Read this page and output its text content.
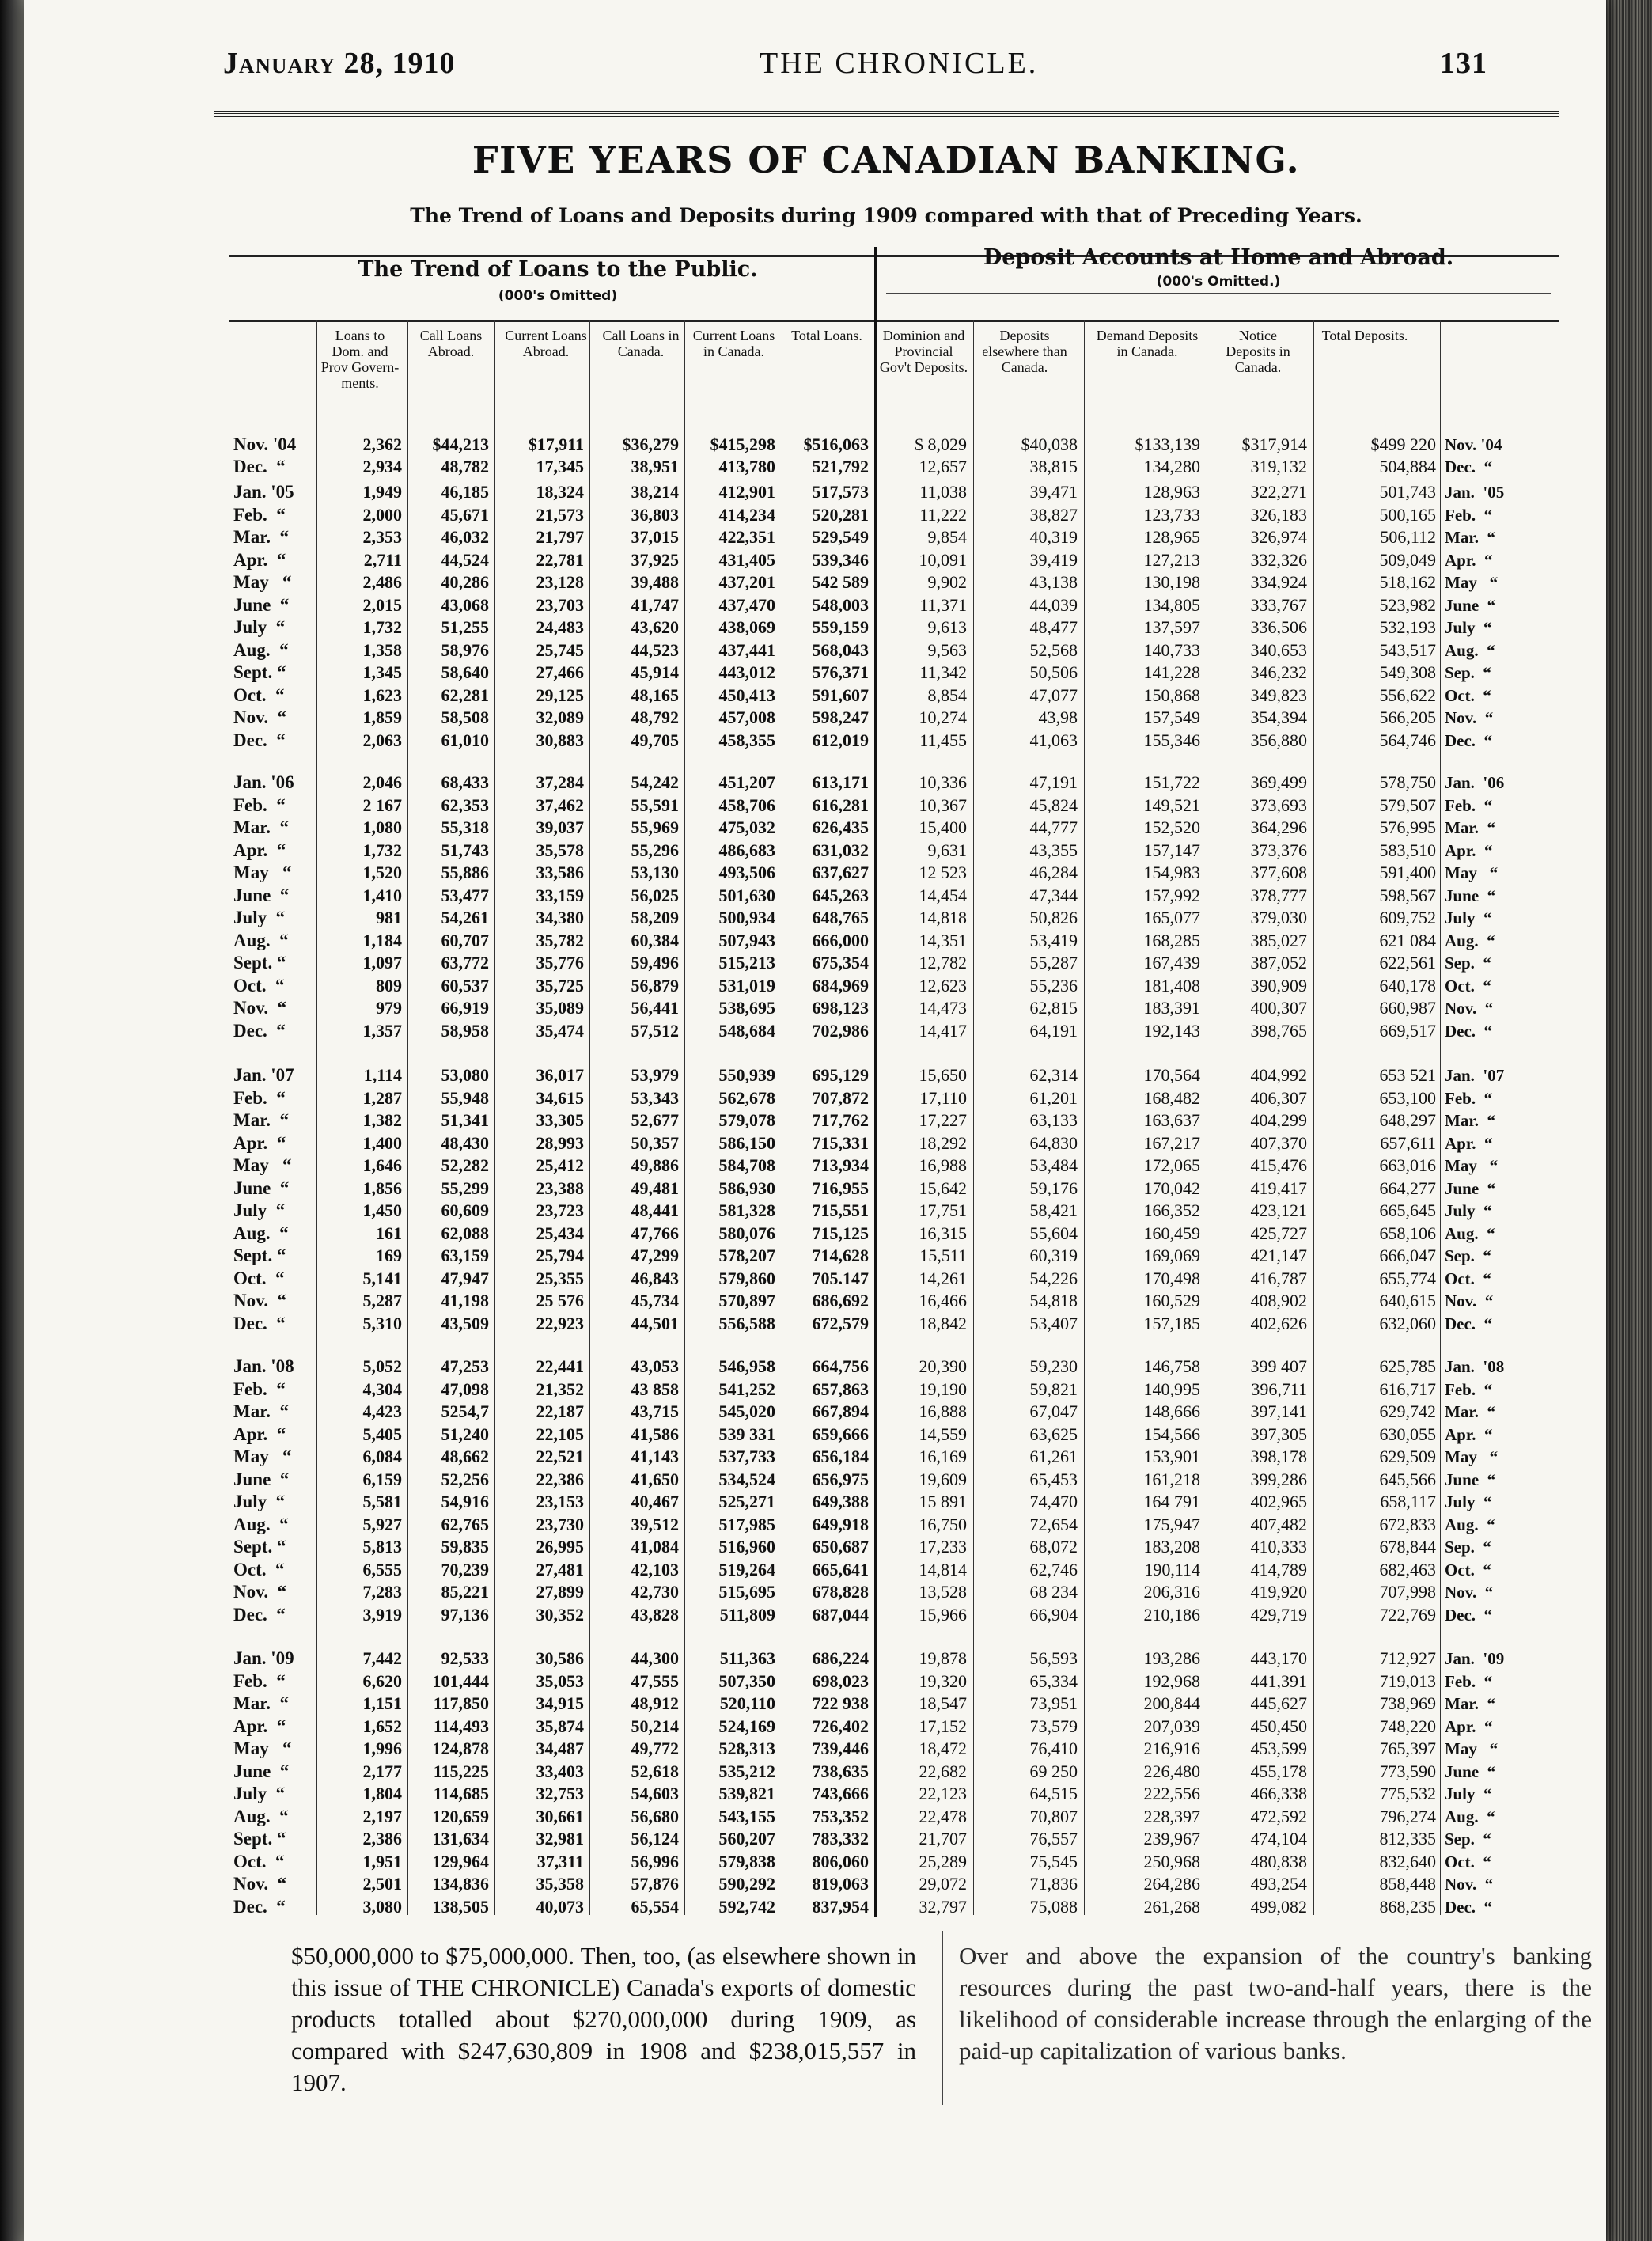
January 28, 1910	THE CHRONICLE.	131
FIVE YEARS OF CANADIAN BANKING.
The Trend of Loans and Deposits during 1909 compared with that of Preceding Years.
The Trend of Loans to the Public.
(000's Omitted)
Deposit Accounts at Home and Abroad.
(000's Omitted.)
Loans to Dom. and Prov Govern-ments.
Call Loans Abroad.
Current Loans Abroad.
Call Loans in Canada.
Current Loans in Canada.
Total Loans.	Dominion and Provincial Gov't Deposits.
Deposits elsewhere than Canada.
Demand Deposits in Canada.
Notice Deposits in Canada.
Total Deposits.
Nov. '04	2,362 $44,213 $17,911 $36,279 $415,298 $516,063	$ 8,029	$40,038	$133,139 $317,914	$499 220 Nov. '04
Dec.  “	2,934 48,782	17,345	38,951 413,780 521,792	12,657	38,815	134,280	319,132	504,884 Dec.  “
Jan. '05	1,949 46,185	18,324	38,214 412,901 517,573	11,038	39,471	128,963	322,271	501,743 Jan.  '05
Feb.  “	2,000 45,671	21,573	36,803 414,234 520,281	11,222	38,827	123,733	326,183	500,165 Feb.  “
Mar.  “	2,353 46,032	21,797	37,015 422,351 529,549	9,854	40,319	128,965	326,974	506,112 Mar.  “
Apr.  “	2,711 44,524	22,781	37,925 431,405 539,346	10,091	39,419	127,213	332,326	509,049 Apr.  “
May   “	2,486 40,286	23,128	39,488 437,201 542 589	9,902	43,138	130,198	334,924	518,162 May   “
June  “	2,015 43,068	23,703	41,747 437,470 548,003	11,371	44,039	134,805	333,767	523,982 June  “
July  “	1,732 51,255	24,483	43,620 438,069 559,159	9,613	48,477	137,597	336,506	532,193 July  “
Aug.  “	1,358 58,976	25,745	44,523 437,441 568,043	9,563	52,568	140,733	340,653	543,517 Aug.  “
Sept. “	1,345 58,640	27,466	45,914 443,012 576,371	11,342	50,506	141,228	346,232	549,308 Sep.  “
Oct.  “	1,623 62,281	29,125	48,165 450,413 591,607	8,854	47,077	150,868	349,823	556,622 Oct.  “
Nov.  “	1,859 58,508	32,089	48,792 457,008 598,247	10,274	43,98	157,549	354,394	566,205 Nov.  “
Dec.  “	2,063 61,010	30,883	49,705 458,355 612,019	11,455	41,063	155,346	356,880	564,746 Dec.  “
Jan. '06	2,046 68,433	37,284	54,242 451,207 613,171	10,336	47,191	151,722	369,499	578,750 Jan.  '06
Feb.  “	2 167 62,353	37,462	55,591 458,706 616,281	10,367	45,824	149,521	373,693	579,507 Feb.  “
Mar.  “	1,080 55,318	39,037	55,969 475,032 626,435	15,400	44,777	152,520	364,296	576,995 Mar.  “
Apr.  “	1,732 51,743	35,578	55,296 486,683 631,032	9,631	43,355	157,147	373,376	583,510 Apr.  “
May   “	1,520 55,886	33,586	53,130 493,506 637,627	12 523	46,284	154,983	377,608	591,400 May   “
June  “	1,410 53,477	33,159	56,025 501,630 645,263	14,454	47,344	157,992	378,777	598,567 June  “
July  “	981 54,261	34,380	58,209 500,934 648,765	14,818	50,826	165,077	379,030	609,752 July  “
Aug.  “	1,184 60,707	35,782	60,384 507,943 666,000	14,351	53,419	168,285	385,027	621 084 Aug.  “
Sept. “	1,097 63,772	35,776	59,496 515,213 675,354	12,782	55,287	167,439	387,052	622,561 Sep.  “
Oct.  “	809 60,537	35,725	56,879 531,019 684,969	12,623	55,236	181,408	390,909	640,178 Oct.  “
Nov.  “	979 66,919	35,089	56,441 538,695 698,123	14,473	62,815	183,391	400,307	660,987 Nov.  “
Dec.  “	1,357 58,958	35,474	57,512 548,684 702,986	14,417	64,191	192,143	398,765	669,517 Dec.  “
Jan. '07	1,114 53,080	36,017	53,979 550,939 695,129	15,650	62,314	170,564	404,992	653 521 Jan.  '07
Feb.  “	1,287 55,948	34,615	53,343 562,678 707,872	17,110	61,201	168,482	406,307	653,100 Feb.  “
Mar.  “	1,382 51,341	33,305	52,677 579,078 717,762	17,227	63,133	163,637	404,299	648,297 Mar.  “
Apr.  “	1,400 48,430	28,993	50,357 586,150 715,331	18,292	64,830	167,217	407,370	657,611 Apr.  “
May   “	1,646 52,282	25,412	49,886 584,708 713,934	16,988	53,484	172,065	415,476	663,016 May   “
June  “	1,856 55,299	23,388	49,481 586,930 716,955	15,642	59,176	170,042	419,417	664,277 June  “
July  “	1,450 60,609	23,723	48,441 581,328 715,551	17,751	58,421	166,352	423,121	665,645 July  “
Aug.  “	161 62,088	25,434	47,766 580,076 715,125	16,315	55,604	160,459	425,727	658,106 Aug.  “
Sept. “	169 63,159	25,794	47,299 578,207 714,628	15,511	60,319	169,069	421,147	666,047 Sep.  “
Oct.  “	5,141 47,947	25,355	46,843 579,860 705.147	14,261	54,226	170,498	416,787	655,774 Oct.  “
Nov.  “	5,287 41,198	25 576	45,734 570,897 686,692	16,466	54,818	160,529	408,902	640,615 Nov.  “
Dec.  “	5,310 43,509	22,923	44,501 556,588 672,579	18,842	53,407	157,185	402,626	632,060 Dec.  “
Jan. '08	5,052 47,253	22,441	43,053 546,958 664,756	20,390	59,230	146,758	399 407	625,785 Jan.  '08
Feb.  “	4,304 47,098	21,352	43 858 541,252 657,863	19,190	59,821	140,995	396,711	616,717 Feb.  “
Mar.  “	4,423 5254,7	22,187	43,715 545,020 667,894	16,888	67,047	148,666	397,141	629,742 Mar.  “
Apr.  “	5,405 51,240	22,105	41,586 539 331 659,666	14,559	63,625	154,566	397,305	630,055 Apr.  “
May   “	6,084 48,662	22,521	41,143 537,733 656,184	16,169	61,261	153,901	398,178	629,509 May   “
June  “	6,159 52,256	22,386	41,650 534,524 656,975	19,609	65,453	161,218	399,286	645,566 June  “
July  “	5,581 54,916	23,153	40,467 525,271 649,388	15 891	74,470	164 791	402,965	658,117 July  “
Aug.  “	5,927 62,765	23,730	39,512 517,985 649,918	16,750	72,654	175,947	407,482	672,833 Aug.  “
Sept. “	5,813 59,835	26,995	41,084 516,960 650,687	17,233	68,072	183,208	410,333	678,844 Sep.  “
Oct.  “	6,555 70,239	27,481	42,103 519,264 665,641	14,814	62,746	190,114	414,789	682,463 Oct.  “
Nov.  “	7,283 85,221	27,899	42,730 515,695 678,828	13,528	68 234	206,316	419,920	707,998 Nov.  “
Dec.  “	3,919 97,136	30,352	43,828 511,809 687,044	15,966	66,904	210,186	429,719	722,769 Dec.  “
Jan. '09	7,442 92,533	30,586	44,300 511,363 686,224	19,878	56,593	193,286	443,170	712,927 Jan.  '09
Feb.  “	6,620 101,444	35,053	47,555 507,350 698,023	19,320	65,334	192,968	441,391	719,013 Feb.  “
Mar.  “	1,151 117,850	34,915	48,912 520,110 722 938	18,547	73,951	200,844	445,627	738,969 Mar.  “
Apr.  “	1,652 114,493	35,874	50,214 524,169 726,402	17,152	73,579	207,039	450,450	748,220 Apr.  “
May   “	1,996 124,878	34,487	49,772 528,313 739,446	18,472	76,410	216,916	453,599	765,397 May   “
June  “	2,177 115,225	33,403	52,618 535,212 738,635	22,682	69 250	226,480	455,178	773,590 June  “
July  “	1,804 114,685	32,753	54,603 539,821 743,666	22,123	64,515	222,556	466,338	775,532 July  “
Aug.  “	2,197 120,659	30,661	56,680 543,155 753,352	22,478	70,807	228,397	472,592	796,274 Aug.  “
Sept. “	2,386 131,634	32,981	56,124 560,207 783,332	21,707	76,557	239,967	474,104	812,335 Sep.  “
Oct.  “	1,951 129,964	37,311	56,996 579,838 806,060	25,289	75,545	250,968	480,838	832,640 Oct.  “
Nov.  “	2,501 134,836	35,358	57,876 590,292 819,063	29,072	71,836	264,286	493,254	858,448 Nov.  “
Dec.  “	3,080 138,505	40,073	65,554 592,742 837,954	32,797	75,088	261,268	499,082	868,235 Dec.  “
$50,000,000 to $75,000,000. Then, too, (as elsewhere shown in this issue of THE CHRONICLE) Canada's exports of domestic products totalled about $270,000,000 during 1909, as compared with $247,630,809 in 1908 and $238,015,557 in 1907.
Over and above the expansion of the country's banking resources during the past two-and-half years, there is the likelihood of considerable increase through the enlarging of the paid-up capitalization of various banks.
